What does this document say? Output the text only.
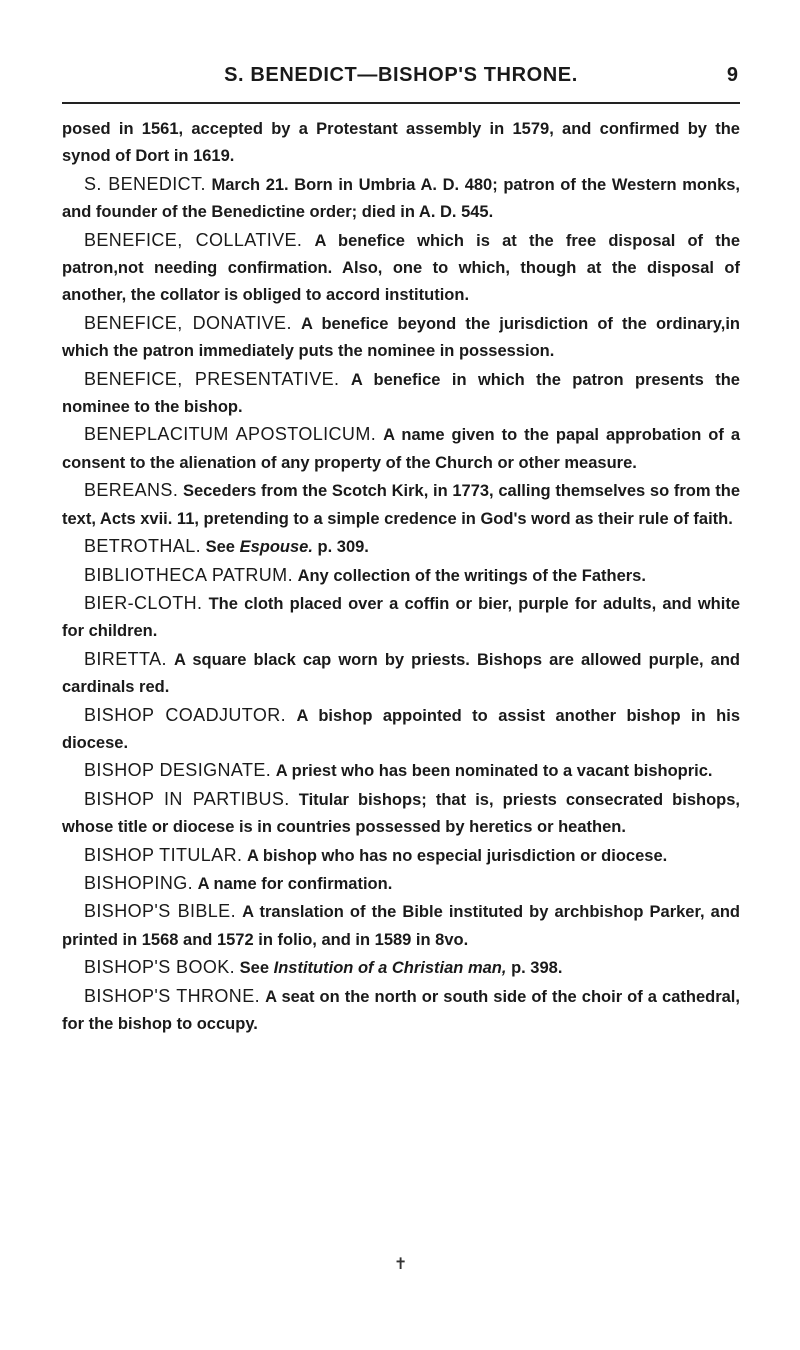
S. BENEDICT—BISHOP'S THRONE.	9

posed in 1561, accepted by a Protestant assembly in 1579, and confirmed by the synod of Dort in 1619.

S. BENEDICT. March 21. Born in Umbria A. D. 480; patron of the Western monks, and founder of the Benedictine order; died in A. D. 545.

BENEFICE, COLLATIVE. A benefice which is at the free disposal of the patron,not needing confirmation. Also, one to which, though at the disposal of another, the collator is obliged to accord institution.

BENEFICE, DONATIVE. A benefice beyond the jurisdiction of the ordinary,in which the patron immediately puts the nominee in possession.

BENEFICE, PRESENTATIVE. A benefice in which the patron presents the nominee to the bishop.

BENEPLACITUM APOSTOLICUM. A name given to the papal approbation of a consent to the alienation of any property of the Church or other measure.

BEREANS. Seceders from the Scotch Kirk, in 1773, calling themselves so from the text, Acts xvii. 11, pretending to a simple credence in God's word as their rule of faith.

BETROTHAL. See Espouse. p. 309.

BIBLIOTHECA PATRUM. Any collection of the writings of the Fathers.

BIER-CLOTH. The cloth placed over a coffin or bier, purple for adults, and white for children.

BIRETTA. A square black cap worn by priests. Bishops are allowed purple, and cardinals red.

BISHOP COADJUTOR. A bishop appointed to assist another bishop in his diocese.

BISHOP DESIGNATE. A priest who has been nominated to a vacant bishopric.

BISHOP IN PARTIBUS. Titular bishops; that is, priests consecrated bishops, whose title or diocese is in countries possessed by heretics or heathen.

BISHOP TITULAR. A bishop who has no especial jurisdiction or diocese.

BISHOPING. A name for confirmation.

BISHOP'S BIBLE. A translation of the Bible instituted by archbishop Parker, and printed in 1568 and 1572 in folio, and in 1589 in 8vo.

BISHOP'S BOOK. See Institution of a Christian man, p. 398.

BISHOP'S THRONE. A seat on the north or south side of the choir of a cathedral, for the bishop to occupy.

✝
